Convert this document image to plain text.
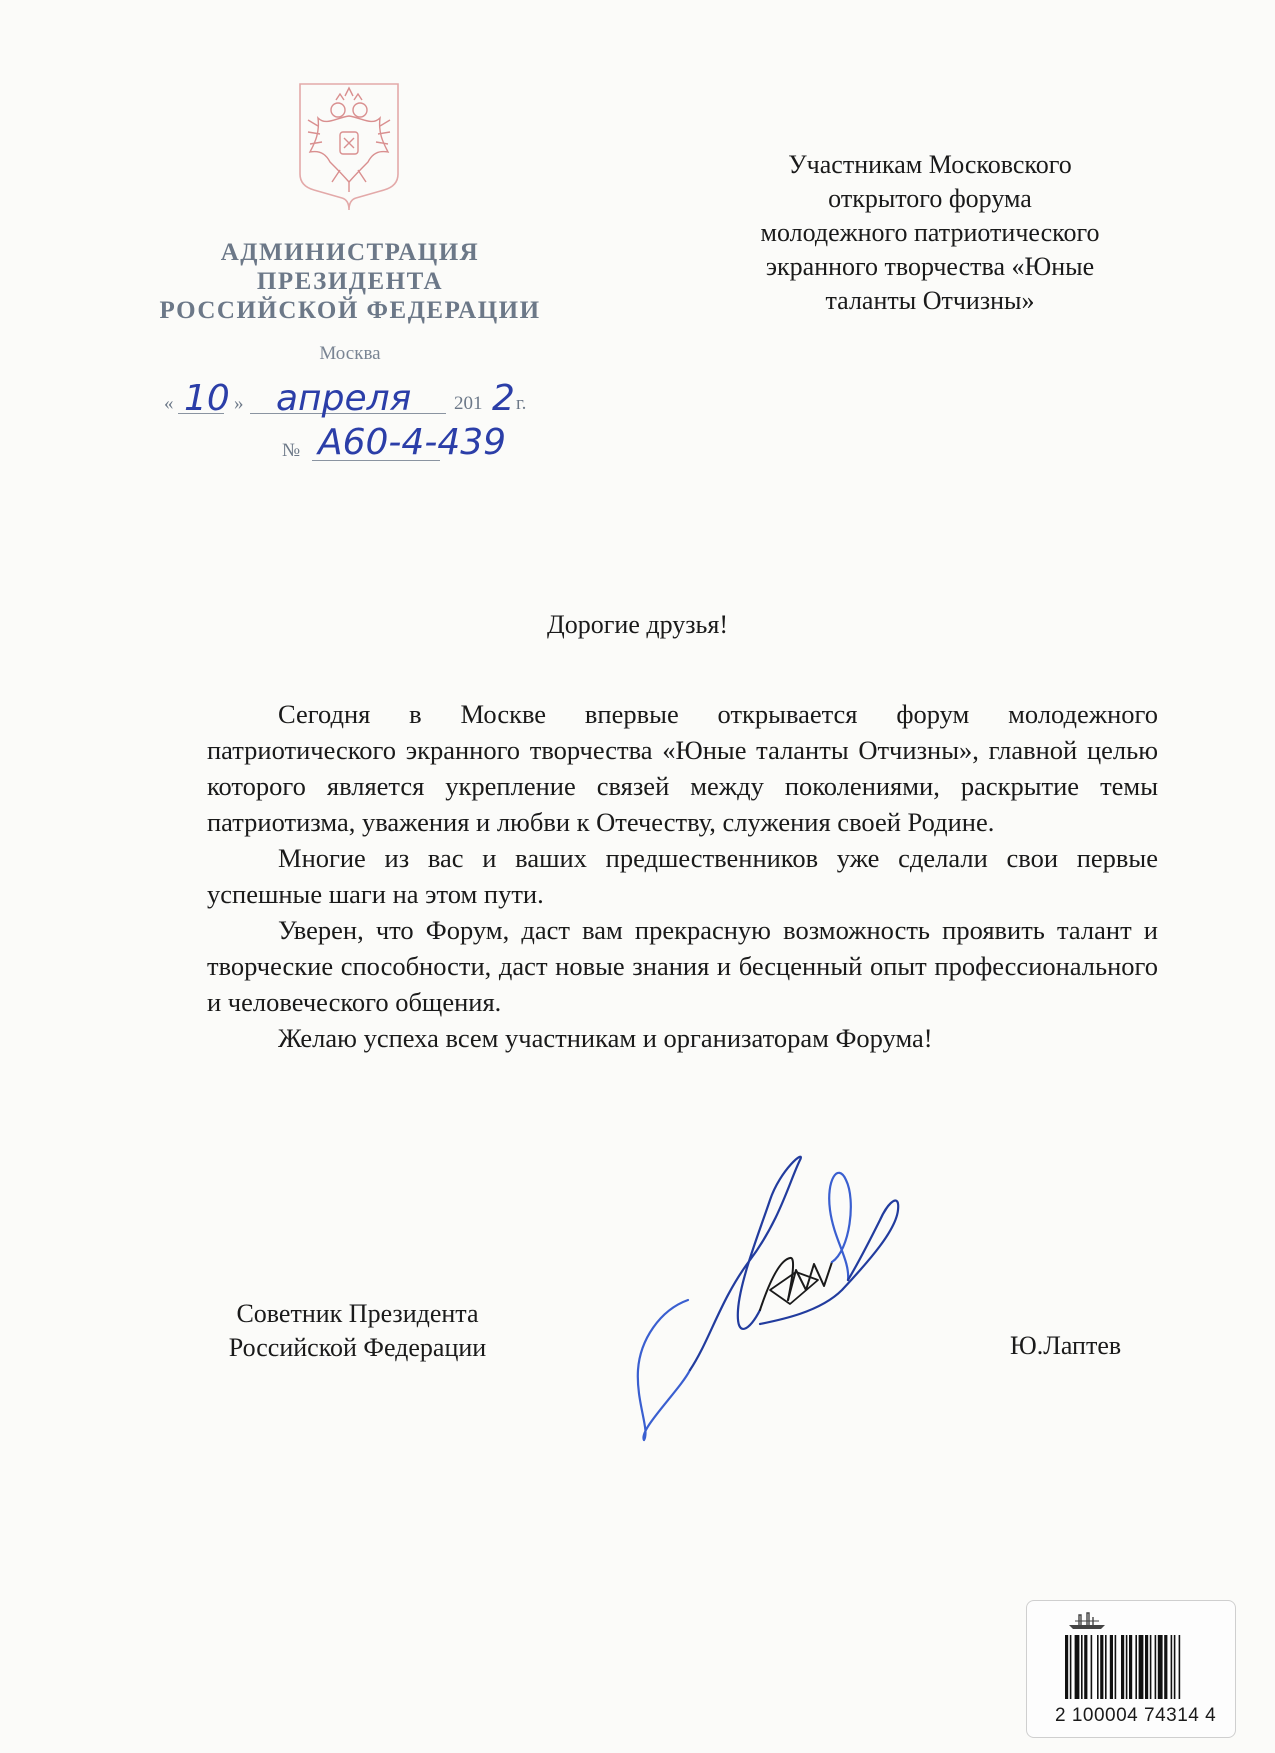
АДМИНИСТРАЦИЯ
ПРЕЗИДЕНТА
РОССИЙСКОЙ ФЕДЕРАЦИИ
Москва
« 10 » апреля 201 2 г.
№ А60-4-439
Участникам Московского
открытого форума
молодежного патриотического
экранного творчества «Юные
таланты Отчизны»
Дорогие друзья!

Сегодня в Москве впервые открывается форум молодежного патриотического экранного творчества «Юные таланты Отчизны», главной целью которого является укрепление связей между поколениями, раскрытие темы патриотизма, уважения и любви к Отечеству, служения своей Родине.

Многие из вас и ваших предшественников уже сделали свои первые успешные шаги на этом пути.

Уверен, что Форум, даст вам прекрасную возможность проявить талант и творческие способности, даст новые знания и бесценный опыт профессионального и человеческого общения.

Желаю успеха всем участникам и организаторам Форума!

Советник Президента
Российской Федерации	Ю.Лаптев
2 100004 74314 4
